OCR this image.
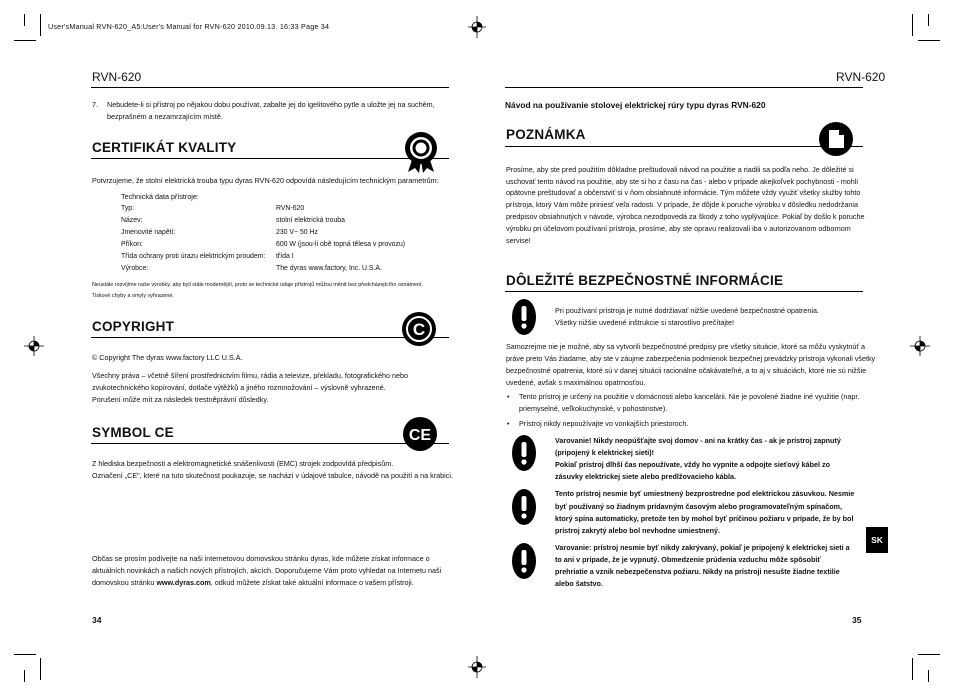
User'sManual RVN-620_A5:User's Manual for RVN-620 2010.09.13. 16:33 Page 34
RVN-620
7. Nebudete-li si přístroj po nějakou dobu používat, zabalte jej do igelitového pytle a uložte jej na suchém,
bezprašném a nezamrzajícím místě.
CERTIFIKÁT KVALITY
Potvrzujeme, že stolní elektrická trouba typu dyras RVN-620 odpovídá následujícím technickým parametrům:
Technická data přístroje:
Typ:	RVN-620
Název:	stolní elektrická trouba
Jmenovité napětí:	230 V~ 50 Hz
Příkon:	600 W (jsou-li obě topná tělesa v provozu)
Třída ochrany proti úrazu elektrickým proudem: třída I
Výrobce:	The dyras www.factory, Inc. U.S.A.
Neustále rozvíjíme naše výrobky, aby byli stále modernější, proto se technické údaje přístrojů můžou měnit bez předcházejícího oznámení.
Tiskové chyby a omyly vyhrazené.
COPYRIGHT	C
© Copyright The dyras www.factory LLC U.S.A.
Všechny práva – včetně šíření prostřednictvím filmu, rádia a televize, překladu, fotografického nebo
zvukotechnického kopírování, dotlače výtěžků a jiného rozmnožování – výslovně vyhrazené.
Porušení může mít za následek trestněprávní důsledky.
SYMBOL CE	CE
Z hlediska bezpečnosti a elektromagnetické snášenlivosti (EMC) strojek zodpovídá předpisům.
Označení „CE", které na tuto skutečnost poukazuje, se nachází v údajové tabulce, návodě na použití a na krabici.
Občas se prosím podívejte na naši internetovou domovskou stránku dyras, kde můžete získat informace o
aktuálních novinkách a našich nových přístrojích, akcích. Doporučujeme Vám proto vyhledat na Internetu naši
domovskou stránku www.dyras.com, odkud můžete získat také aktuální informace o vašem přístroji.
34
RVN-620
Návod na používanie stolovej elektrickej rúry typu dyras RVN-620
POZNÁMKA
Prosíme, aby ste pred použitím dôkladne preštudovali návod na použitie a riadili sa podľa neho. Je dôležité si
uschovať tento návod na použitie, aby ste si ho z času na čas - alebo v prípade akejkoľvek pochybnosti - mohli
opätovne preštudovať a občerstviť si v ňom obsiahnuté informácie. Tým môžete vždy využiť všetky služby tohto
prístroja, ktorý Vám môže priniesť veľa radosti. V prípade, že dôjde k poruche výrobku v dôsledku nedodržania
predpisov obsiahnutých v návode, výrobca nezodpovedá za škody z toho vyplývajúce. Pokiaľ by došlo k poruche
výrobku pri účelovom používaní prístroja, prosíme, aby ste opravu realizovali iba v autorizovanom odbornom
servise!
DÔLEŽITÉ BEZPEČNOSTNÉ INFORMÁCIE
Pri používaní prístroja je nutné dodržiavať nižšie uvedené bezpečnostné opatrenia.
Všetky nižšie uvedené inštrukcie si starostlivo prečítajte!
Samozrejme nie je možné, aby sa vytvorili bezpečnostné predpisy pre všetky situácie, ktoré sa môžu vyskytnúť a
práve preto Vás žiadame, aby ste v záujme zabezpečenia podmienok bezpečnej prevádzky prístroja vykonali všetky
bezpečnostné opatrenia, ktoré sú v danej situácii racionálne očakávateľné, a to aj v situáciách, ktoré nie sú nižšie
uvedené, avšak s maximálnou opatrnosťou.
• Tento prístroj je určený na použitie v domácnosti alebo kancelárii. Nie je povolené žiadne iné využitie (napr.
priemyselné, veľkokuchynské, v pohostinstve).
• Prístroj nikdy nepoužívajte vo vonkajších priestoroch.
Varovanie! Nikdy neopúšťajte svoj domov - ani na krátky čas - ak je prístroj zapnutý
(pripojený k elektrickej sieti)!
Pokiaľ prístroj dlhší čas nepoužívate, vždy ho vypnite a odpojte sieťový kábel zo
zásuvky elektrickej siete alebo predlžovacieho kábla.
Tento prístroj nesmie byť umiestnený bezprostredne pod elektrickou zásuvkou. Nesmie
byť používaný so žiadnym prídavným časovým alebo programovateľným spínačom,
ktorý spína automaticky, pretože ten by mohol byť príčinou požiaru v prípade, že by bol
prístroj zakrytý alebo bol nevhodne umiestnený.
Varovanie: prístroj nesmie byť nikdy zakrývaný, pokiaľ je pripojený k elektrickej sieti a
to ani v prípade, že je vypnutý. Obmedzenie prúdenia vzduchu môže spôsobiť
prehriatie a vznik nebezpečenstva požiaru. Nikdy na prístroji nesušte žiadne textilie
alebo šatstvo.
SK
35
